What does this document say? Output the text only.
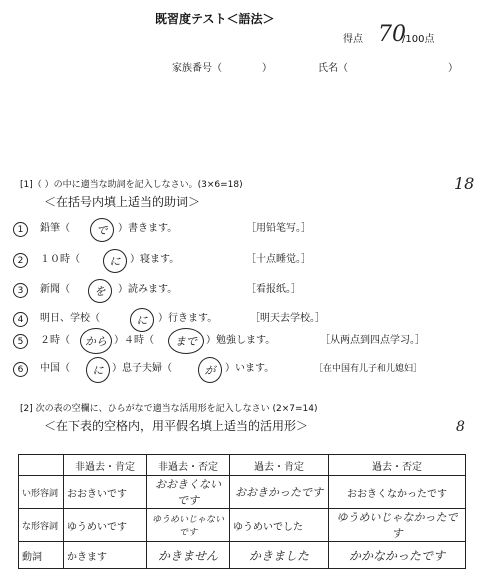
既習度テスト＜語法＞
得点 70
/100点
家族番号（　　　　）	氏名（　　　　　　　　　　）
[1]（ ）の中に適当な助詞を記入しなさい。(3×6=18)	18
＜在括号内填上适当的助词＞
1	鉛筆（	で	）書きます。	［用铅笔写。］
2	１０時（	に ）寝ます。	［十点睡觉。］
3	新聞（	を	）読みます。	［看报纸。］
4	明日、学校（	に	）行きます。	［明天去学校。］
5	２時（	から ）４時（	まで ）勉強します。	［从两点到四点学习。］
6	中国（	に ）息子夫婦（	が ）います。	［在中国有儿子和儿媳妇］
[2] 次の表の空欄に、ひらがなで適当な活用形を記入しなさい (2×7=14)
＜在下表的空格内，用平假名填上适当的活用形＞	8
	非過去・肯定	非過去・否定	過去・肯定	過去・否定
い形容詞	おおきいです	おおきくないです	おおきかったです	おおきくなかったです
な形容詞	ゆうめいです	ゆうめいじゃないです	ゆうめいでした	ゆうめいじゃなかったです
動詞	かきます	かきません	かきました	かかなかったです
